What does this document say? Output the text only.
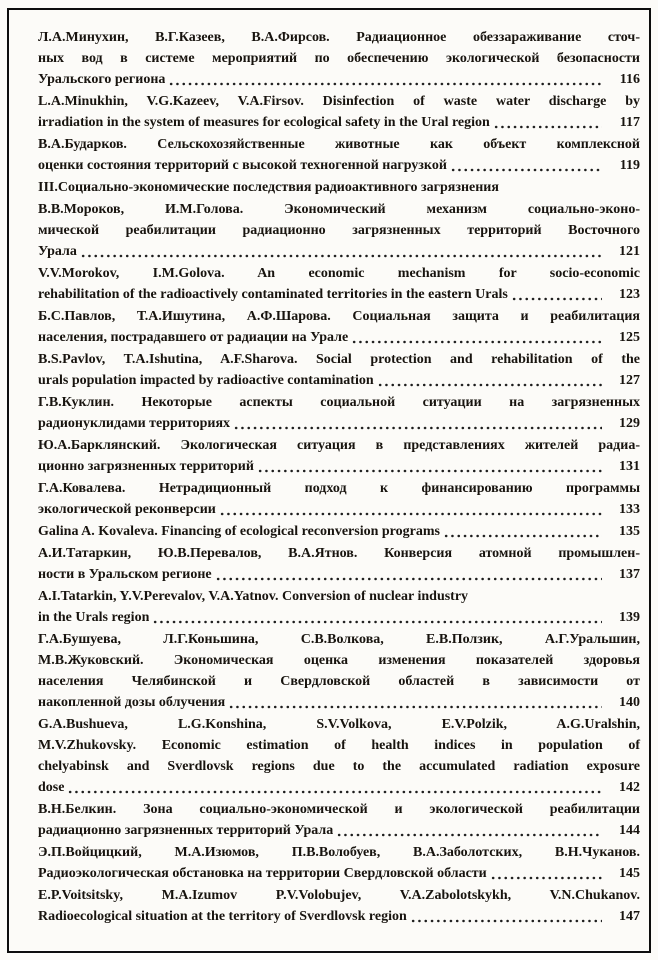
Л.А.Минухин, В.Г.Казеев, В.А.Фирсов. Радиационное обеззараживание сточ-
ных вод в системе мероприятий по обеспечению экологической безопасности
Уральского региона	116
L.A.Minukhin, V.G.Kazeev, V.A.Firsov. Disinfection of waste water discharge by
irradiation in the system of measures for ecological safety in the Ural region	117
В.А.Бударков. Сельскохозяйственные животные как объект комплексной
оценки состояния территорий с высокой техногенной нагрузкой	119
III.Социально-экономические последствия радиоактивного загрязнения
В.В.Мороков, И.М.Голова. Экономический механизм социально-эконо-
мической реабилитации радиационно загрязненных территорий Восточного
Урала	121
V.V.Morokov, I.M.Golova. An economic mechanism for socio-economic
rehabilitation of the radioactively contaminated territories in the eastern Urals	123
Б.С.Павлов, Т.А.Ишутина, А.Ф.Шарова. Социальная защита и реабилитация
населения, пострадавшего от радиации на Урале	125
B.S.Pavlov, T.A.Ishutina, A.F.Sharova. Social protection and rehabilitation of the
urals population impacted by radioactive contamination	127
Г.В.Куклин. Некоторые аспекты социальной ситуации на загрязненных
радионуклидами территориях	129
Ю.А.Барклянский. Экологическая ситуация в представлениях жителей радиа-
ционно загрязненных территорий	131
Г.А.Ковалева. Нетрадиционный подход к финансированию программы
экологической реконверсии	133
Galina A. Kovaleva. Financing of ecological reconversion programs	135
А.И.Татаркин, Ю.В.Перевалов, В.А.Ятнов. Конверсия атомной промышлен-
ности в Уральском регионе	137
A.I.Tatarkin, Y.V.Perevalov, V.A.Yatnov. Conversion of nuclear industry
in the Urals region	139
Г.А.Бушуева, Л.Г.Коньшина, С.В.Волкова, Е.В.Ползик, А.Г.Уральшин,
М.В.Жуковский. Экономическая оценка изменения показателей здоровья
населения Челябинской и Свердловской областей в зависимости от
накопленной дозы облучения	140
G.A.Bushueva, L.G.Konshina, S.V.Volkova, E.V.Polzik, A.G.Uralshin,
M.V.Zhukovsky. Economic estimation of health indices in population of
chelyabinsk and Sverdlovsk regions due to the accumulated radiation exposure
dose	142
В.Н.Белкин. Зона социально-экономической и экологической реабилитации
радиационно загрязненных территорий Урала	144
Э.П.Войцицкий, М.А.Изюмов, П.В.Волобуев, В.А.Заболотских, В.Н.Чуканов.
Радиоэкологическая обстановка на территории Свердловской области	145
E.P.Voitsitsky, M.A.Izumov P.V.Volobujev, V.A.Zabolotskykh, V.N.Chukanov.
Radioecological situation at the territory of Sverdlovsk region	147
